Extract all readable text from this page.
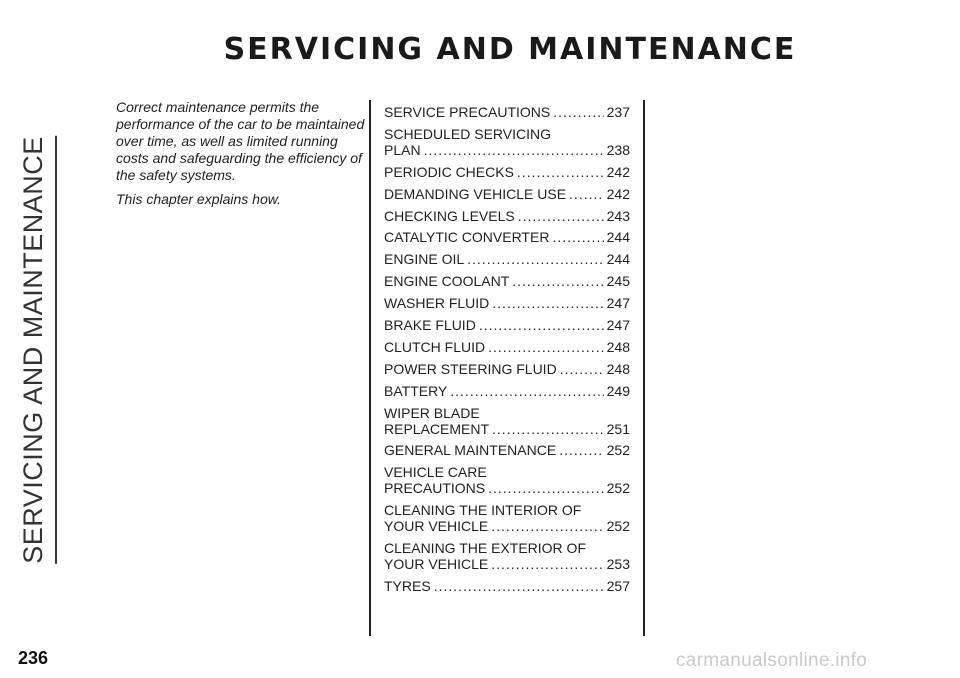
SERVICING AND MAINTENANCE
SERVICING AND MAINTENANCE

Correct maintenance permits the performance of the car to be maintained over time, as well as limited running costs and safeguarding the efficiency of the safety systems.

This chapter explains how.

SERVICE PRECAUTIONS .....	237
SCHEDULED SERVICING
PLAN .....	238
PERIODIC CHECKS .....	242
DEMANDING VEHICLE USE .....	242
CHECKING LEVELS .....	243
CATALYTIC CONVERTER .....	244
ENGINE OIL .....	244
ENGINE COOLANT .....	245
WASHER FLUID .....	247
BRAKE FLUID .....	247
CLUTCH FLUID .....	248
POWER STEERING FLUID .....	248
BATTERY .....	249
WIPER BLADE
REPLACEMENT .....	251
GENERAL MAINTENANCE .....	252
VEHICLE CARE
PRECAUTIONS .....	252
CLEANING THE INTERIOR OF
YOUR VEHICLE .....	252
CLEANING THE EXTERIOR OF
YOUR VEHICLE .....	253
TYRES .....	257
236	carmanualsonline.info
